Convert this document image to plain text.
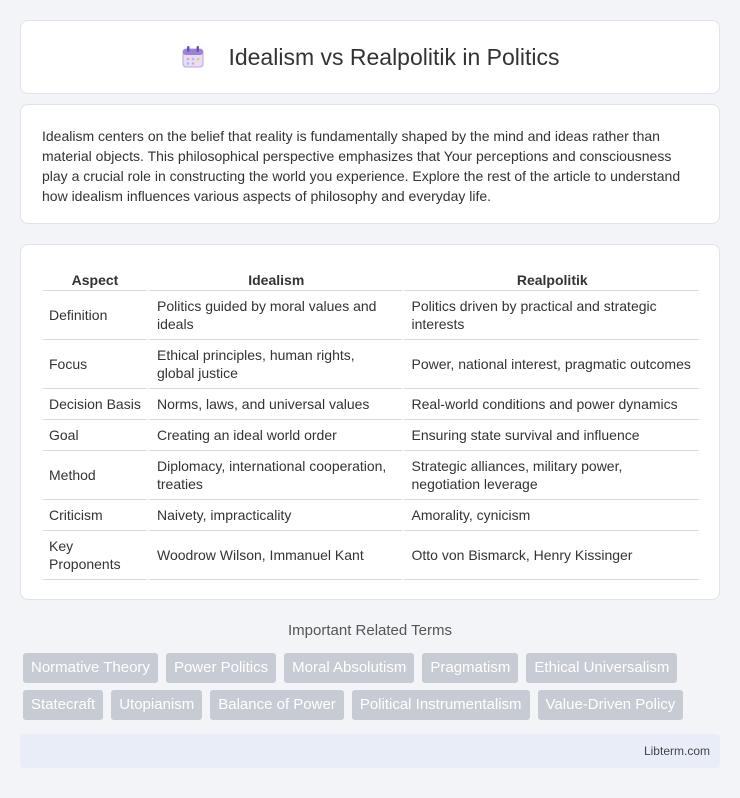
Idealism vs Realpolitik in Politics

Idealism centers on the belief that reality is fundamentally shaped by the mind and ideas rather than material objects. This philosophical perspective emphasizes that Your perceptions and consciousness play a crucial role in constructing the world you experience. Explore the rest of the article to understand how idealism influences various aspects of philosophy and everyday life.

Aspect	Idealism	Realpolitik
Definition	Politics guided by moral values and ideals	Politics driven by practical and strategic interests
Focus	Ethical principles, human rights, global justice	Power, national interest, pragmatic outcomes
Decision Basis	Norms, laws, and universal values	Real-world conditions and power dynamics
Goal	Creating an ideal world order	Ensuring state survival and influence
Method	Diplomacy, international cooperation, treaties	Strategic alliances, military power, negotiation leverage
Criticism	Naivety, impracticality	Amorality, cynicism
Key Proponents	Woodrow Wilson, Immanuel Kant	Otto von Bismarck, Henry Kissinger
Important Related Terms
Normative Theory	Power Politics	Moral Absolutism	Pragmatism	Ethical Universalism
Statecraft	Utopianism	Balance of Power	Political Instrumentalism	Value-Driven Policy
Libterm.com
